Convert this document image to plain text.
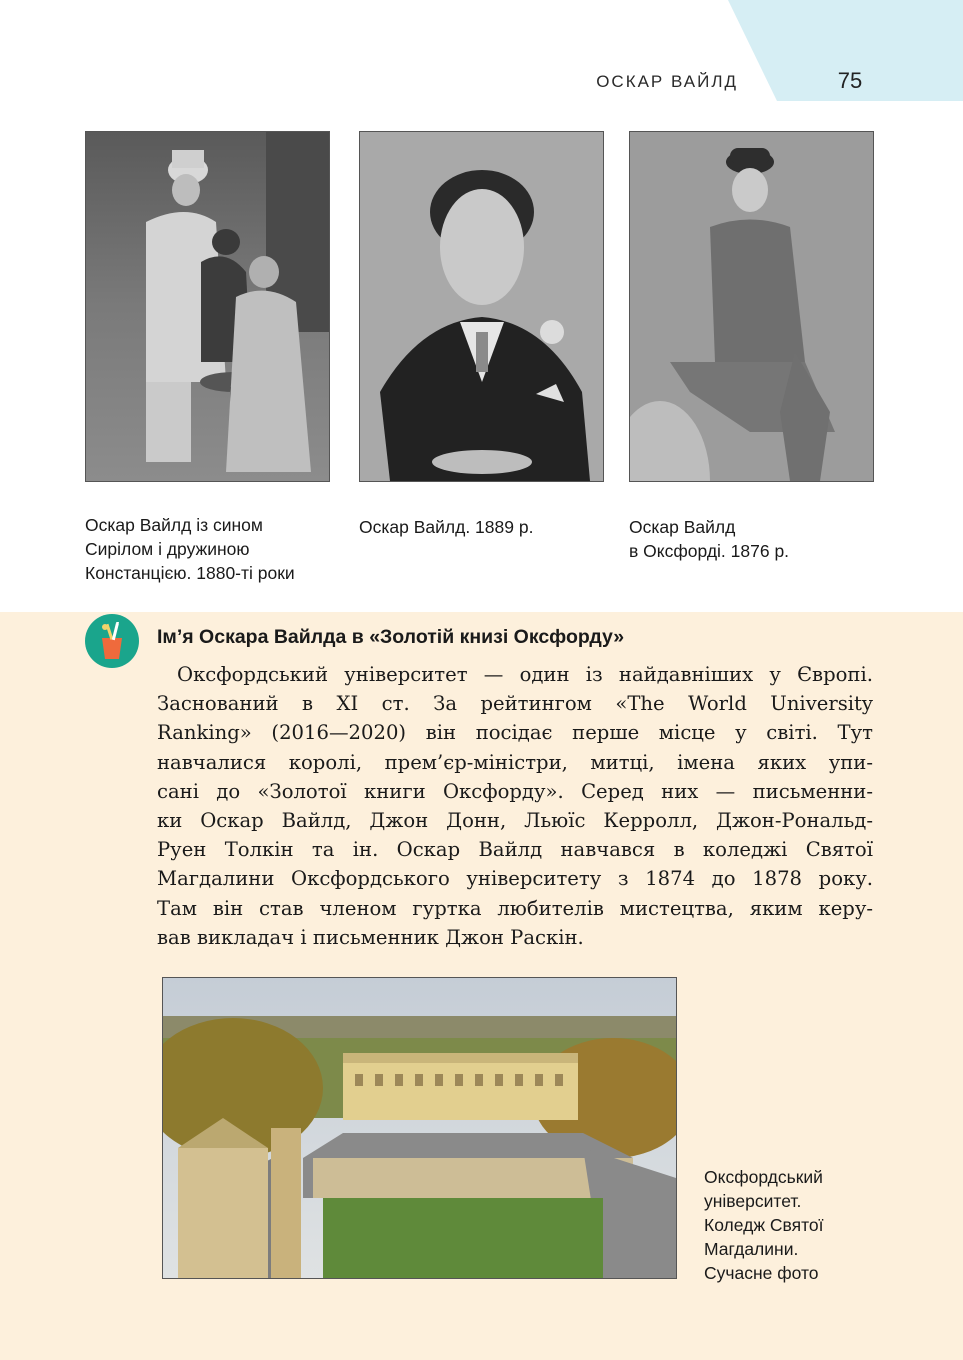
ОСКАР ВАЙЛД	75
Оскар Вайлд із сином
Сирілом і дружиною
Констанцією. 1880-ті роки
Оскар Вайлд. 1889 р.	Оскар Вайлд
в Оксфорді. 1876 р.
Ім’я Оскара Вайлда в «Золотій книзі Оксфорду»
Оксфордський університет — один із найдавніших у Європі.
Заснований в ХІ ст. За рейтингом «The World University
Ranking» (2016—2020) він посідає перше місце у світі. Тут
навчалися королі, прем’єр-міністри, митці, імена яких упи-
сані до «Золотої книги Оксфорду». Серед них — письменни-
ки Оскар Вайлд, Джон Донн, Льюїс Керролл, Джон-Рональд-
Руен Толкін та ін. Оскар Вайлд навчався в коледжі Святої
Магдалини Оксфордського університету з 1874 до 1878 року.
Там він став членом гуртка любителів мистецтва, яким керу-
вав викладач і письменник Джон Раскін.
Оксфордський
університет.
Коледж Святої
Магдалини.
Сучасне фото
